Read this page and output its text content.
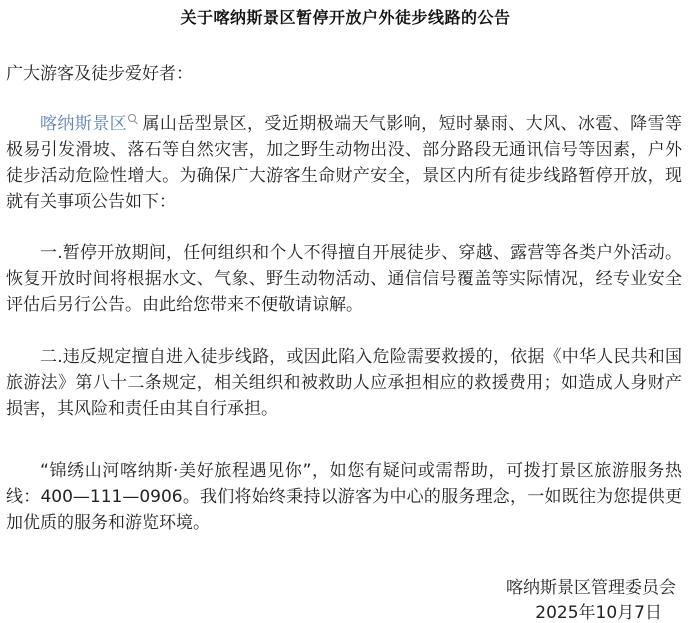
关于喀纳斯景区暂停开放户外徒步线路的公告
广大游客及徒步爱好者：
喀纳斯景区 属山岳型景区，受近期极端天气影响，短时暴雨、大风、冰雹、降雪等极易引发滑坡、落石等自然灾害，加之野生动物出没、部分路段无通讯信号等因素，户外徒步活动危险性增大。为确保广大游客生命财产安全，景区内所有徒步线路暂停开放，现就有关事项公告如下：
一.暂停开放期间，任何组织和个人不得擅自开展徒步、穿越、露营等各类户外活动。恢复开放时间将根据水文、气象、野生动物活动、通信信号覆盖等实际情况，经专业安全评估后另行公告。由此给您带来不便敬请谅解。
二.违反规定擅自进入徒步线路，或因此陷入危险需要救援的，依据《中华人民共和国旅游法》第八十二条规定，相关组织和被救助人应承担相应的救援费用；如造成人身财产损害，其风险和责任由其自行承担。
“锦绣山河喀纳斯·美好旅程遇见你”，如您有疑问或需帮助，可拨打景区旅游服务热线：400—111—0906。我们将始终秉持以游客为中心的服务理念，一如既往为您提供更加优质的服务和游览环境。
喀纳斯景区管理委员会
2025年10月7日
